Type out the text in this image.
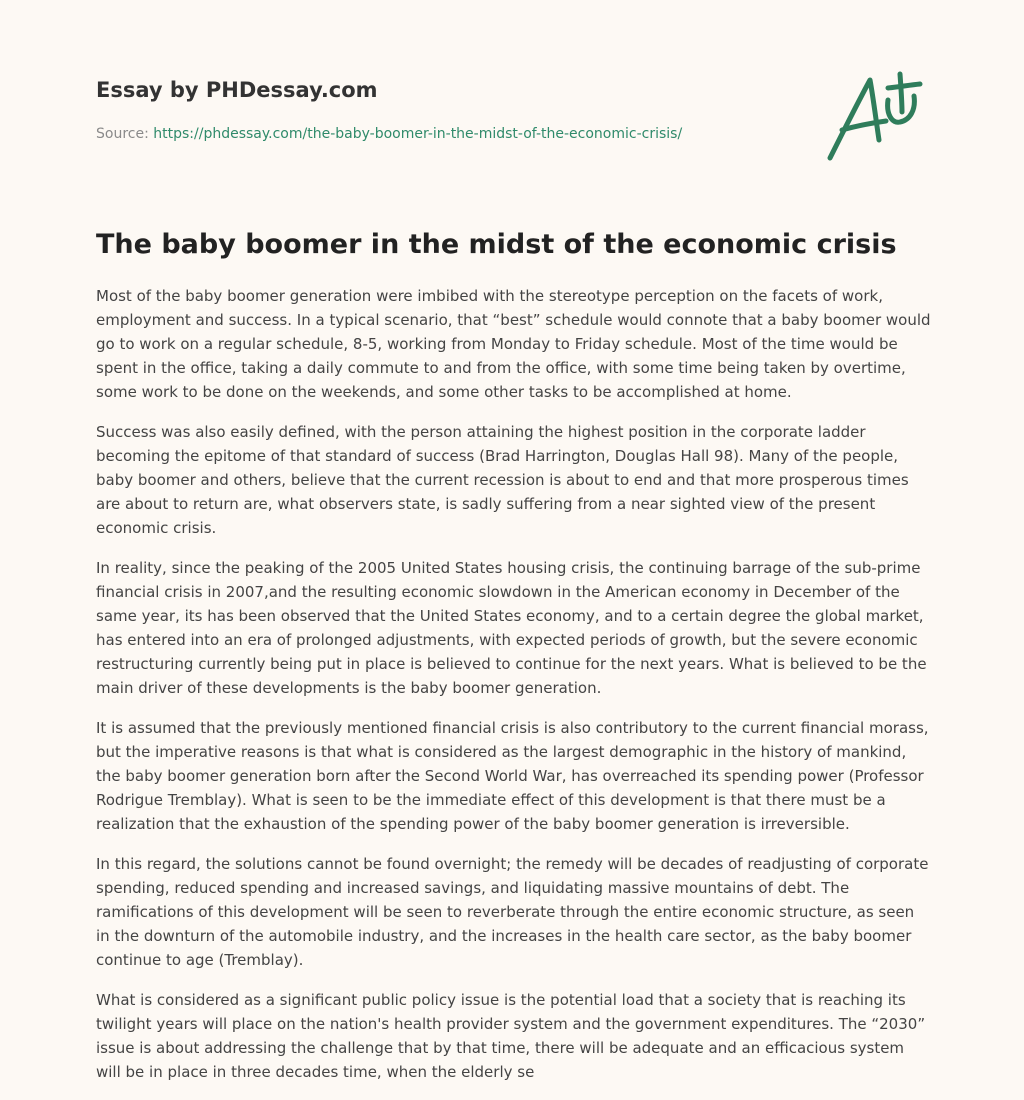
Essay by PHDessay.com
Source: https://phdessay.com/the-baby-boomer-in-the-midst-of-the-economic-crisis/
The baby boomer in the midst of the economic crisis

Most of the baby boomer generation were imbibed with the stereotype perception on the facets of work, employment and success. In a typical scenario, that “best” schedule would connote that a baby boomer would go to work on a regular schedule, 8-5, working from Monday to Friday schedule. Most of the time would be spent in the office, taking a daily commute to and from the office, with some time being taken by overtime, some work to be done on the weekends, and some other tasks to be accomplished at home.

Success was also easily defined, with the person attaining the highest position in the corporate ladder becoming the epitome of that standard of success (Brad Harrington, Douglas Hall 98). Many of the people, baby boomer and others, believe that the current recession is about to end and that more prosperous times are about to return are, what observers state, is sadly suffering from a near sighted view of the present economic crisis.

In reality, since the peaking of the 2005 United States housing crisis, the continuing barrage of the sub-prime financial crisis in 2007,and the resulting economic slowdown in the American economy in December of the same year, its has been observed that the United States economy, and to a certain degree the global market, has entered into an era of prolonged adjustments, with expected periods of growth, but the severe economic restructuring currently being put in place is believed to continue for the next years. What is believed to be the main driver of these developments is the baby boomer generation.

It is assumed that the previously mentioned financial crisis is also contributory to the current financial morass, but the imperative reasons is that what is considered as the largest demographic in the history of mankind, the baby boomer generation born after the Second World War, has overreached its spending power (Professor Rodrigue Tremblay). What is seen to be the immediate effect of this development is that there must be a realization that the exhaustion of the spending power of the baby boomer generation is irreversible.

In this regard, the solutions cannot be found overnight; the remedy will be decades of readjusting of corporate spending, reduced spending and increased savings, and liquidating massive mountains of debt. The ramifications of this development will be seen to reverberate through the entire economic structure, as seen in the downturn of the automobile industry, and the increases in the health care sector, as the baby boomer continue to age (Tremblay).

What is considered as a significant public policy issue is the potential load that a society that is reaching its twilight years will place on the nation's health provider system and the government expenditures. The “2030” issue is about addressing the challenge that by that time, there will be adequate and an efficacious system will be in place in three decades time, when the elderly se
